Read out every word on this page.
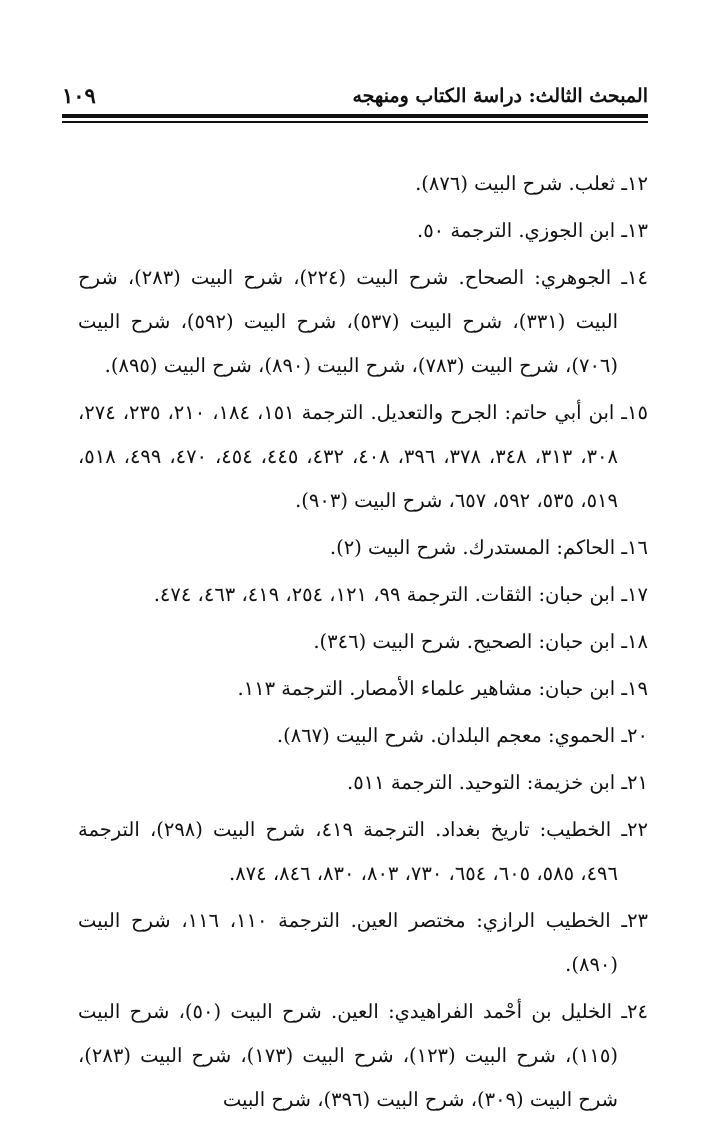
المبحث الثالث: دراسة الكتاب ومنهجه
١٠٩

١٢ـ ثعلب. شرح البيت (٨٧٦).

١٣ـ ابن الجوزي. الترجمة ٥٠.

١٤ـ الجوهري: الصحاح. شرح البيت (٢٢٤)، شرح البيت (٢٨٣)، شرح البيت (٣٣١)، شرح البيت (٥٣٧)، شرح البيت (٥٩٢)، شرح البيت (٧٠٦)، شرح البيت (٧٨٣)، شرح البيت (٨٩٠)، شرح البيت (٨٩٥).

١٥ـ ابن أبي حاتم: الجرح والتعديل. الترجمة ١٥١، ١٨٤، ٢١٠، ٢٣٥، ٢٧٤، ٣٠٨، ٣١٣، ٣٤٨، ٣٧٨، ٣٩٦، ٤٠٨، ٤٣٢، ٤٤٥، ٤٥٤، ٤٧٠، ٤٩٩، ٥١٨، ٥١٩، ٥٣٥، ٥٩٢، ٦٥٧، شرح البيت (٩٠٣).

١٦ـ الحاكم: المستدرك. شرح البيت (٢).

١٧ـ ابن حبان: الثقات. الترجمة ٩٩، ١٢١، ٢٥٤، ٤١٩، ٤٦٣، ٤٧٤.

١٨ـ ابن حبان: الصحيح. شرح البيت (٣٤٦).

١٩ـ ابن حبان: مشاهير علماء الأمصار. الترجمة ١١٣.

٢٠ـ الحموي: معجم البلدان. شرح البيت (٨٦٧).

٢١ـ ابن خزيمة: التوحيد. الترجمة ٥١١.

٢٢ـ الخطيب: تاريخ بغداد. الترجمة ٤١٩، شرح البيت (٢٩٨)، الترجمة ٤٩٦، ٥٨٥، ٦٠٥، ٦٥٤، ٧٣٠، ٨٠٣، ٨٣٠، ٨٤٦، ٨٧٤.

٢٣ـ الخطيب الرازي: مختصر العين. الترجمة ١١٠، ١١٦، شرح البيت (٨٩٠).

٢٤ـ الخليل بن أحْمد الفراهيدي: العين. شرح البيت (٥٠)، شرح البيت (١١٥)، شرح البيت (١٢٣)، شرح البيت (١٧٣)، شرح البيت (٢٨٣)، شرح البيت (٣٠٩)، شرح البيت (٣٩٦)، شرح البيت
